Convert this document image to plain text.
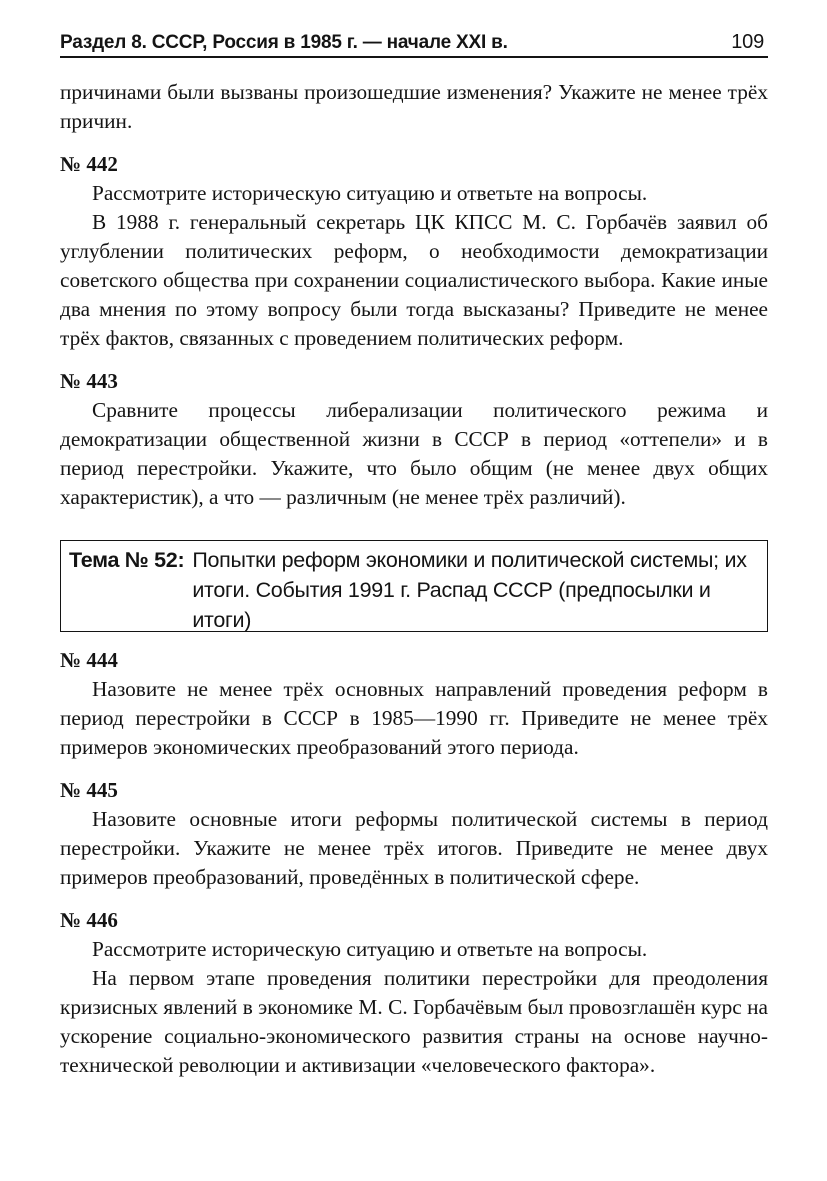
Раздел 8. СССР, Россия в 1985 г. — начале XXI в.	109

причинами были вызваны произошедшие изменения? Укажите не менее трёх причин.

№ 442

Рассмотрите историческую ситуацию и ответьте на вопросы.

В 1988 г. генеральный секретарь ЦК КПСС М. С. Горбачёв заявил об углублении политических реформ, о необходимости демократизации советского общества при сохранении социалистического выбора. Какие иные два мнения по этому вопросу были тогда высказаны? Приведите не менее трёх фактов, связанных с проведением политических реформ.

№ 443

Сравните процессы либерализации политического режима и демократизации общественной жизни в СССР в период «оттепели» и в период перестройки. Укажите, что было общим (не менее двух общих характеристик), а что — различным (не менее трёх различий).

Тема № 52: Попытки реформ экономики и политической системы; их итоги. События 1991 г. Распад СССР (предпосылки и итоги)
№ 444

Назовите не менее трёх основных направлений проведения реформ в период перестройки в СССР в 1985—1990 гг. Приведите не менее трёх примеров экономических преобразований этого периода.

№ 445

Назовите основные итоги реформы политической системы в период перестройки. Укажите не менее трёх итогов. Приведите не менее двух примеров преобразований, проведённых в политической сфере.

№ 446

Рассмотрите историческую ситуацию и ответьте на вопросы.

На первом этапе проведения политики перестройки для преодоления кризисных явлений в экономике М. С. Горбачёвым был провозглашён курс на ускорение социально-экономического развития страны на основе научно-технической революции и активизации «человеческого фактора».
